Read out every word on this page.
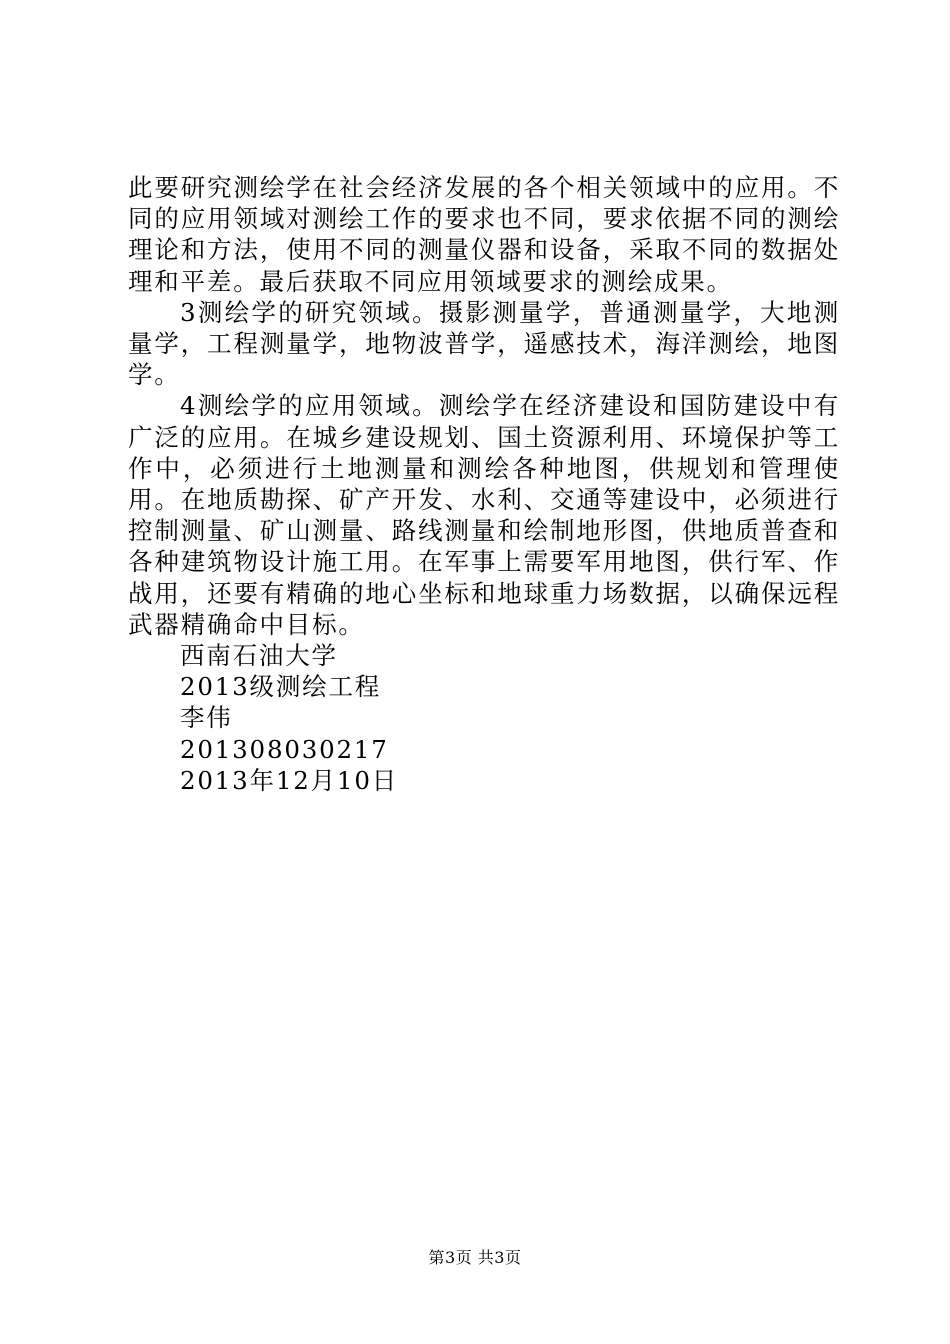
此要研究测绘学在社会经济发展的各个相关领域中的应用。不同的应用领域对测绘工作的要求也不同，要求依据不同的测绘理论和方法，使用不同的测量仪器和设备，采取不同的数据处理和平差。最后获取不同应用领域要求的测绘成果。

3测绘学的研究领域。摄影测量学，普通测量学，大地测量学，工程测量学，地物波普学，遥感技术，海洋测绘，地图学。

4测绘学的应用领域。测绘学在经济建设和国防建设中有广泛的应用。在城乡建设规划、国土资源利用、环境保护等工作中，必须进行土地测量和测绘各种地图，供规划和管理使用。在地质勘探、矿产开发、水利、交通等建设中，必须进行控制测量、矿山测量、路线测量和绘制地形图，供地质普查和各种建筑物设计施工用。在军事上需要军用地图，供行军、作战用，还要有精确的地心坐标和地球重力场数据，以确保远程武器精确命中目标。

西南石油大学
2013级测绘工程
李伟
201308030217
2013年12月10日
第3页 共3页
